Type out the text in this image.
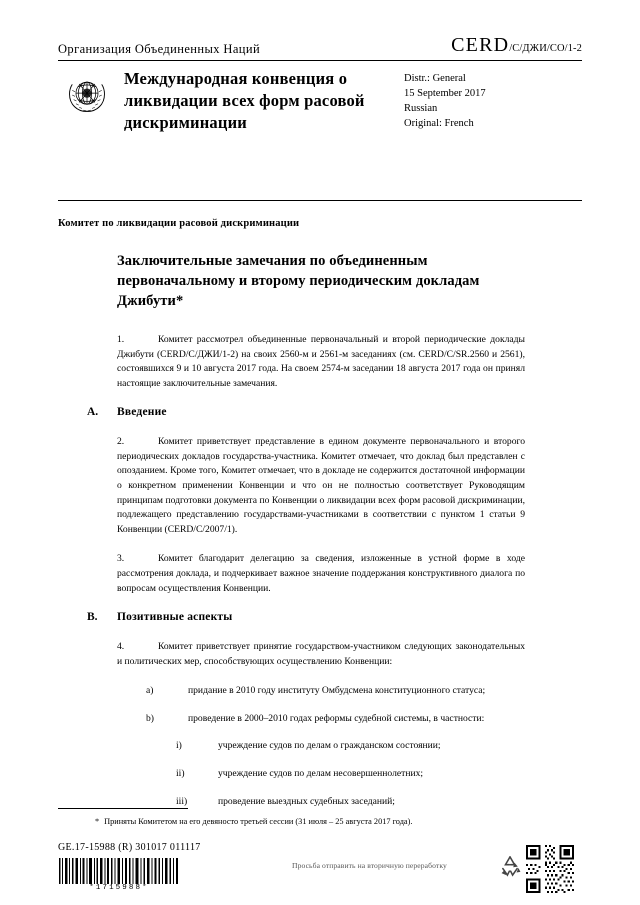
Организация Объединенных Наций	CERD /C/ДЖИ/CO/1-2
Международная конвенция о ликвидации всех форм расовой дискриминации
Distr.: General
15 September 2017
Russian
Original: French
Комитет по ликвидации расовой дискриминации
Заключительные замечания по объединенным первоначальному и второму периодическим докладам Джибути*
1.	Комитет рассмотрел объединенные первоначальный и второй периодические доклады Джибути (CERD/C/ДЖИ/1-2) на своих 2560-м и 2561-м заседаниях (см. CERD/C/SR.2560 и 2561), состоявшихся 9 и 10 августа 2017 года. На своем 2574-м заседании 18 августа 2017 года он принял настоящие заключительные замечания.
A.	Введение
2.	Комитет приветствует представление в едином документе первоначального и второго периодических докладов государства-участника. Комитет отмечает, что доклад был представлен с опозданием. Кроме того, Комитет отмечает, что в докладе не содержится достаточной информации о конкретном применении Конвенции и что он не полностью соответствует Руководящим принципам подготовки документа по Конвенции о ликвидации всех форм расовой дискриминации, подлежащего представлению государствами-участниками в соответствии с пунктом 1 статьи 9 Конвенции (CERD/C/2007/1).
3.	Комитет благодарит делегацию за сведения, изложенные в устной форме в ходе рассмотрения доклада, и подчеркивает важное значение поддержания конструктивного диалога по вопросам осуществления Конвенции.
B.	Позитивные аспекты
4.	Комитет приветствует принятие государством-участником следующих законодательных и политических мер, способствующих осуществлению Конвенции:
a)	придание в 2010 году институту Омбудсмена конституционного статуса;
b)	проведение в 2000–2010 годах реформы судебной системы, в частности:
i)	учреждение судов по делам о гражданском состоянии;
ii)	учреждение судов по делам несовершеннолетних;
iii)	проведение выездных судебных заседаний;
* Приняты Комитетом на его девяносто третьей сессии (31 июля – 25 августа 2017 года).
GE.17-15988 (R) 301017 011117
*1715988*
Просьба отправить на вторичную переработку
